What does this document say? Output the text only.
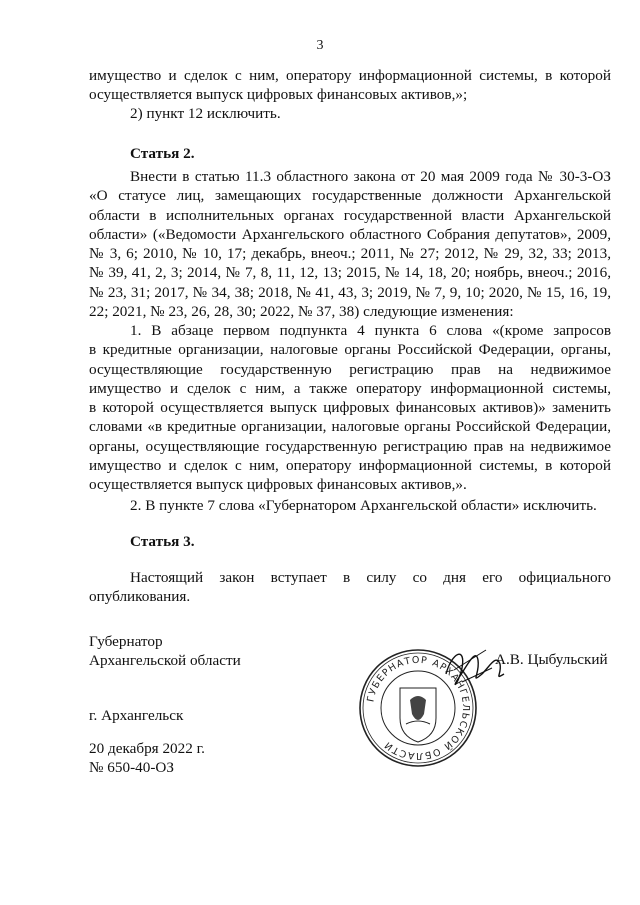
3
имущество и сделок с ним, оператору информационной системы, в которой
осуществляется выпуск цифровых финансовых активов,»;
2) пункт 12 исключить.
Статья 2.
Внести в статью 11.3 областного закона от 20 мая 2009 года № 30-3-ОЗ
«О статусе лиц, замещающих государственные должности Архангельской
области в исполнительных органах государственной власти Архангельской
области» («Ведомости Архангельского областного Собрания депутатов», 2009,
№ 3, 6; 2010, № 10, 17; декабрь, внеоч.; 2011, № 27; 2012, № 29, 32, 33; 2013,
№ 39, 41, 2, 3; 2014, № 7, 8, 11, 12, 13; 2015, № 14, 18, 20; ноябрь, внеоч.; 2016,
№ 23, 31; 2017, № 34, 38; 2018, № 41, 43, 3; 2019, № 7, 9, 10; 2020, № 15, 16, 19,
22; 2021, № 23, 26, 28, 30; 2022, № 37, 38) следующие изменения:
1. В абзаце первом подпункта 4 пункта 6 слова «(кроме запросов
в кредитные организации, налоговые органы Российской Федерации, органы,
осуществляющие государственную регистрацию прав на недвижимое
имущество и сделок с ним, а также оператору информационной системы,
в которой осуществляется выпуск цифровых финансовых активов)» заменить
словами «в кредитные организации, налоговые органы Российской Федерации,
органы, осуществляющие государственную регистрацию прав на недвижимое
имущество и сделок с ним, оператору информационной системы, в которой
осуществляется выпуск цифровых финансовых активов,».
2. В пункте 7 слова «Губернатором Архангельской области» исключить.
Статья 3.
Настоящий закон вступает в силу со дня его официального
опубликования.
Губернатор
Архангельской области
ГУБЕРНАТОР АРХАНГЕЛЬСКОЙ ОБЛАСТИ
А.В. Цыбульский
г. Архангельск
20 декабря 2022 г.
№ 650-40-ОЗ
